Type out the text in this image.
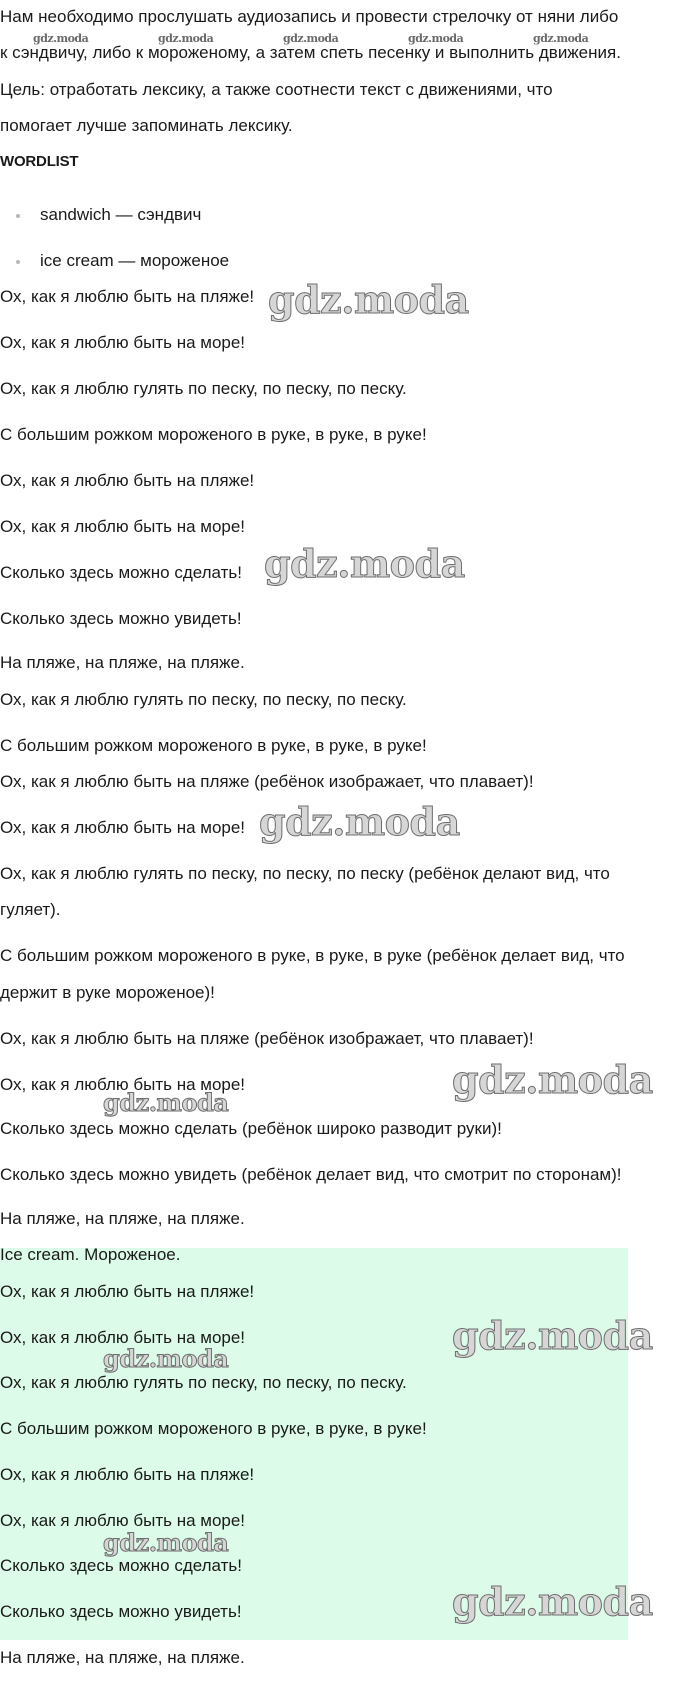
Нам необходимо прослушать аудиозапись и провести стрелочку от няни либо

к сэндвичу, либо к мороженому, а затем спеть песенку и выполнить движения.

Цель: отработать лексику, а также соотнести текст с движениями, что

помогает лучше запоминать лексику.

WORDLIST

sandwich — сэндвич

ice cream — мороженое

Ох, как я люблю быть на пляже!

Ох, как я люблю быть на море!

Ох, как я люблю гулять по песку, по песку, по песку.

С большим рожком мороженого в руке, в руке, в руке!

Ох, как я люблю быть на пляже!

Ох, как я люблю быть на море!

Сколько здесь можно сделать!

Сколько здесь можно увидеть!

На пляже, на пляже, на пляже.

Ох, как я люблю гулять по песку, по песку, по песку.

С большим рожком мороженого в руке, в руке, в руке!

Ох, как я люблю быть на пляже (ребёнок изображает, что плавает)!

Ох, как я люблю быть на море!

Ох, как я люблю гулять по песку, по песку, по песку (ребёнок делают вид, что

гуляет).

С большим рожком мороженого в руке, в руке, в руке (ребёнок делает вид, что

держит в руке мороженое)!

Ох, как я люблю быть на пляже (ребёнок изображает, что плавает)!

Ох, как я люблю быть на море!

Сколько здесь можно сделать (ребёнок широко разводит руки)!

Сколько здесь можно увидеть (ребёнок делает вид, что смотрит по сторонам)!

На пляже, на пляже, на пляже.

Ice cream. Мороженое.

Ох, как я люблю быть на пляже!

Ох, как я люблю быть на море!

Ох, как я люблю гулять по песку, по песку, по песку.

С большим рожком мороженого в руке, в руке, в руке!

Ох, как я люблю быть на пляже!

Ох, как я люблю быть на море!

Сколько здесь можно сделать!

Сколько здесь можно увидеть!

На пляже, на пляже, на пляже.

gdz.moda	gdz.moda	gdz.moda	gdz.moda	gdz.moda
gdz.moda
gdz.moda
gdz.moda
gdz.moda
gdz.moda
gdz.moda
gdz.moda
gdz.moda
gdz.moda
